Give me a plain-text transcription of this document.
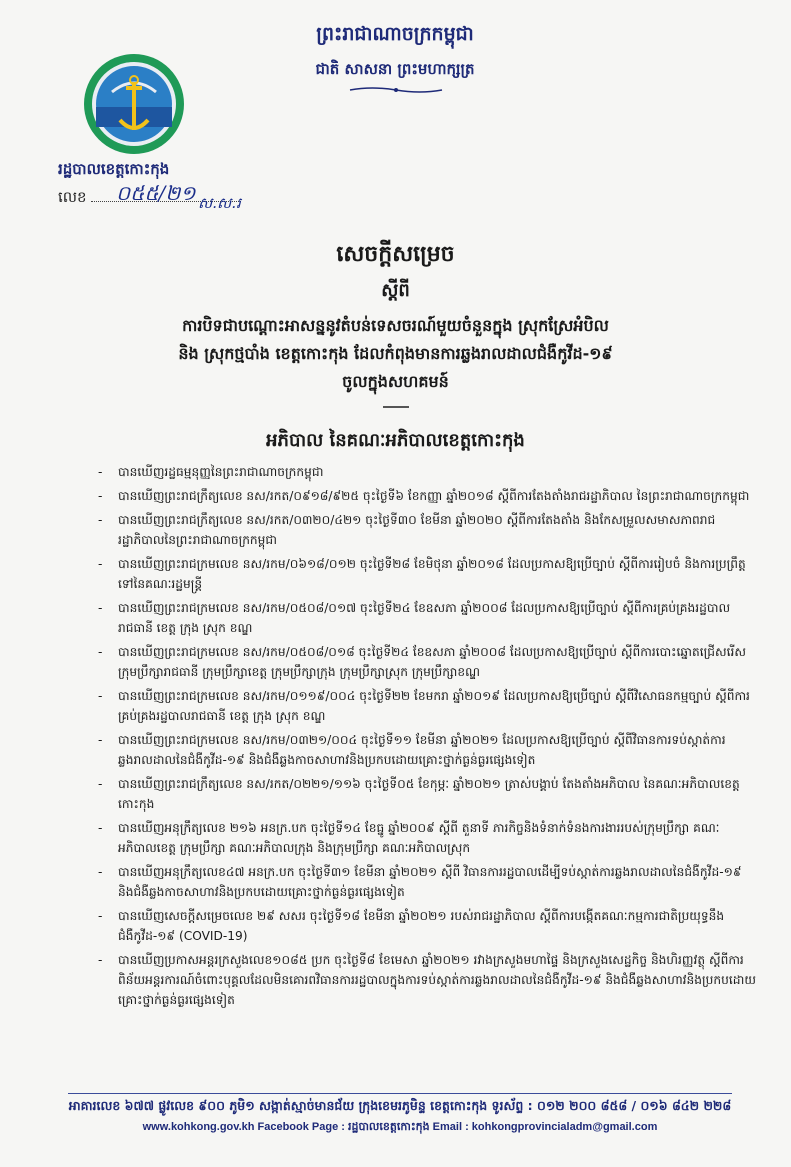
ព្រះរាជាណាចក្រកម្ពុជា
ជាតិ សាសនា ព្រះមហាក្សត្រ
រដ្ឋបាលខេត្តកោះកុង
លេខ ០៥៥/២១ ស.ស.រ
សេចក្តីសម្រេច
ស្តីពី
ការបិទជាបណ្តោះអាសន្ននូវតំបន់ទេសចរណ៍មួយចំនួនក្នុង ស្រុកស្រែអំបិល
និង ស្រុកថ្មបាំង ខេត្តកោះកុង ដែលកំពុងមានការឆ្លងរាលដាលជំងឺកូវីដ-១៩
ចូលក្នុងសហគមន៍
អភិបាល នៃគណៈអភិបាលខេត្តកោះកុង
- បានឃើញរដ្ឋធម្មនុញ្ញនៃព្រះរាជាណាចក្រកម្ពុជា
- បានឃើញព្រះរាជក្រឹត្យលេខ នស/រកត/០៩១៨/៩២៥ ចុះថ្ងៃទី៦ ខែកញ្ញា ឆ្នាំ២០១៨ ស្តីពីការតែងតាំងរាជរដ្ឋាភិបាល នៃព្រះរាជាណាចក្រកម្ពុជា
- បានឃើញព្រះរាជក្រឹត្យលេខ នស/រកត/០៣២០/៤២១ ចុះថ្ងៃទី៣០ ខែមីនា ឆ្នាំ២០២០ ស្តីពីការតែងតាំង និងកែសម្រួលសមាសភាពរាជរដ្ឋាភិបាលនៃព្រះរាជាណាចក្រកម្ពុជា
- បានឃើញព្រះរាជក្រមលេខ នស/រកម/០៦១៨/០១២ ចុះថ្ងៃទី២៨ ខែមិថុនា ឆ្នាំ២០១៨ ដែលប្រកាសឱ្យប្រើច្បាប់ ស្តីពីការរៀបចំ និងការប្រព្រឹត្តទៅនៃគណៈរដ្ឋមន្ត្រី
- បានឃើញព្រះរាជក្រមលេខ នស/រកម/០៥០៨/០១៧ ចុះថ្ងៃទី២៤ ខែឧសភា ឆ្នាំ២០០៨ ដែលប្រកាសឱ្យប្រើច្បាប់ ស្តីពីការគ្រប់គ្រងរដ្ឋបាលរាជធានី ខេត្ត ក្រុង ស្រុក ខណ្ឌ
- បានឃើញព្រះរាជក្រមលេខ នស/រកម/០៥០៨/០១៨ ចុះថ្ងៃទី២៤ ខែឧសភា ឆ្នាំ២០០៨ ដែលប្រកាសឱ្យប្រើច្បាប់ ស្តីពីការបោះឆ្នោតជ្រើសរើសក្រុមប្រឹក្សារាជធានី ក្រុមប្រឹក្សាខេត្ត ក្រុមប្រឹក្សាក្រុង ក្រុមប្រឹក្សាស្រុក ក្រុមប្រឹក្សាខណ្ឌ
- បានឃើញព្រះរាជក្រមលេខ នស/រកម/០១១៩/០០៤ ចុះថ្ងៃទី២២ ខែមករា ឆ្នាំ២០១៩ ដែលប្រកាសឱ្យប្រើច្បាប់ ស្តីពីវិសោធនកម្មច្បាប់ ស្តីពីការគ្រប់គ្រងរដ្ឋបាលរាជធានី ខេត្ត ក្រុង ស្រុក ខណ្ឌ
- បានឃើញព្រះរាជក្រមលេខ នស/រកម/០៣២១/០០៤ ចុះថ្ងៃទី១១ ខែមីនា ឆ្នាំ២០២១ ដែលប្រកាសឱ្យប្រើច្បាប់ ស្តីពីវិធានការទប់ស្កាត់ការឆ្លងរាលដាលនៃជំងឺកូវីដ-១៩ និងជំងឺឆ្លងកាចសាហាវនិងប្រកបដោយគ្រោះថ្នាក់ធ្ងន់ធ្ងរផ្សេងទៀត
- បានឃើញព្រះរាជក្រឹត្យលេខ នស/រកត/០២២១/១១៦ ចុះថ្ងៃទី០៥ ខែកុម្ភៈ ឆ្នាំ២០២១ ត្រាស់បង្គាប់ តែងតាំងអភិបាល នៃគណៈអភិបាលខេត្តកោះកុង
- បានឃើញអនុក្រឹត្យលេខ ២១៦ អនក្រ.បក ចុះថ្ងៃទី១៤ ខែធ្នូ ឆ្នាំ២០០៩ ស្តីពី តួនាទី ភារកិច្ចនិងទំនាក់ទំនងការងាររបស់ក្រុមប្រឹក្សា គណៈអភិបាលខេត្ត ក្រុមប្រឹក្សា គណៈអភិបាលក្រុង និងក្រុមប្រឹក្សា គណៈអភិបាលស្រុក
- បានឃើញអនុក្រឹត្យលេខ៤៧ អនក្រ.បក ចុះថ្ងៃទី៣១ ខែមីនា ឆ្នាំ២០២១ ស្តីពី វិធានការរដ្ឋបាលដើម្បីទប់ស្កាត់ការឆ្លងរាលដាលនៃជំងឺកូវីដ-១៩ និងជំងឺឆ្លងកាចសាហាវនិងប្រកបដោយគ្រោះថ្នាក់ធ្ងន់ធ្ងរផ្សេងទៀត
- បានឃើញសេចក្តីសម្រេចលេខ ២៩ សសរ ចុះថ្ងៃទី១៨ ខែមីនា ឆ្នាំ២០២១ របស់រាជរដ្ឋាភិបាល ស្តីពីការបង្កើតគណៈកម្មការជាតិប្រយុទ្ធនឹងជំងឺកូវីដ-១៩ (COVID-19)
- បានឃើញប្រកាសអន្តរក្រសួងលេខ១០៨៥ ប្រក ចុះថ្ងៃទី៨ ខែមេសា ឆ្នាំ២០២១ រវាងក្រសួងមហាផ្ទៃ និងក្រសួងសេដ្ឋកិច្ច និងហិរញ្ញវត្ថុ ស្តីពីការពិន័យអន្តរការណ៍ចំពោះបុគ្គលដែលមិនគោរពវិធានការរដ្ឋបាលក្នុងការទប់ស្កាត់ការឆ្លងរាលដាលនៃជំងឺកូវីដ-១៩ និងជំងឺឆ្លងសាហាវនិងប្រកបដោយគ្រោះថ្នាក់ធ្ងន់ធ្ងរផ្សេងទៀត
អាគារលេខ ៦៧៧ ផ្លូវលេខ ៩០០ ភូមិ១ សង្កាត់ស្មាច់មានជ័យ ក្រុងខេមរភូមិន្ទ ខេត្តកោះកុង ទូរស័ព្ទ : ០១២ ២០០ ៨៥៨ / ០១៦ ៨៤២ ២២៨
www.kohkong.gov.kh Facebook Page : រដ្ឋបាលខេត្តកោះកុង Email : kohkongprovincialadm@gmail.com
